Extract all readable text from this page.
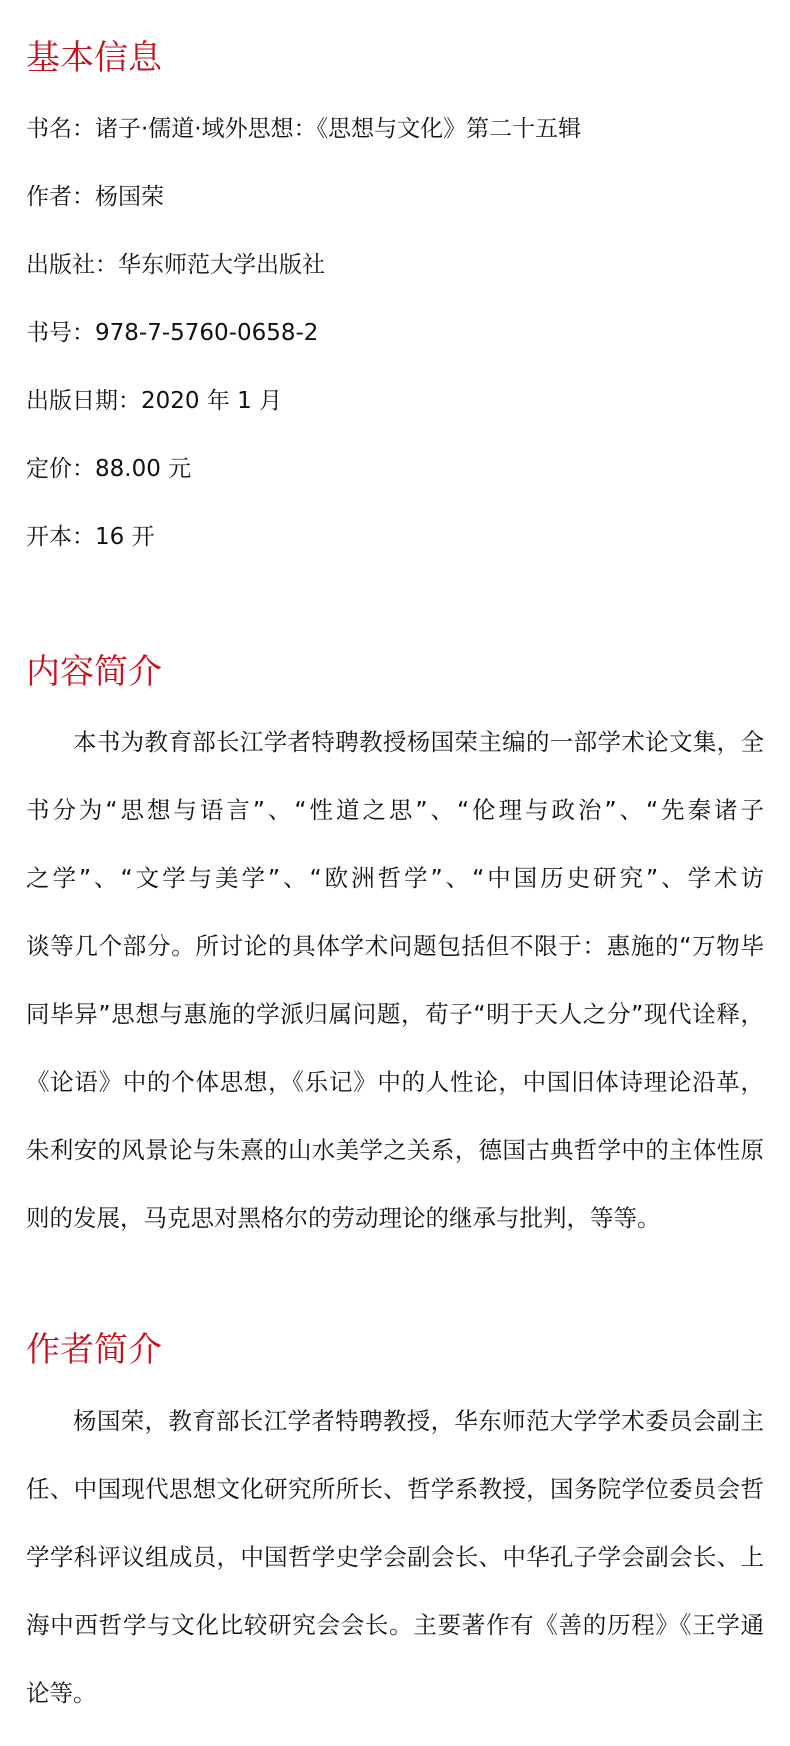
基本信息

书名：诸子·儒道·域外思想：《思想与文化》第二十五辑

作者：杨国荣

出版社：华东师范大学出版社

书号：978-7-5760-0658-2

出版日期：2020 年 1 月

定价：88.00 元

开本：16 开

内容简介

本书为教育部长江学者特聘教授杨国荣主编的一部学术论文集，全

书分为“思想与语言”、“性道之思”、“伦理与政治”、“先秦诸子

之学”、“文学与美学”、“欧洲哲学”、“中国历史研究”、学术访

谈等几个部分。所讨论的具体学术问题包括但不限于：惠施的“万物毕

同毕异”思想与惠施的学派归属问题，荀子“明于天人之分”现代诠释，

《论语》中的个体思想，《乐记》中的人性论，中国旧体诗理论沿革，

朱利安的风景论与朱熹的山水美学之关系，德国古典哲学中的主体性原

则的发展，马克思对黑格尔的劳动理论的继承与批判，等等。

作者简介

杨国荣，教育部长江学者特聘教授，华东师范大学学术委员会副主

任、中国现代思想文化研究所所长、哲学系教授，国务院学位委员会哲

学学科评议组成员，中国哲学史学会副会长、中华孔子学会副会长、上

海中西哲学与文化比较研究会会长。主要著作有《善的历程》《王学通

论等。
